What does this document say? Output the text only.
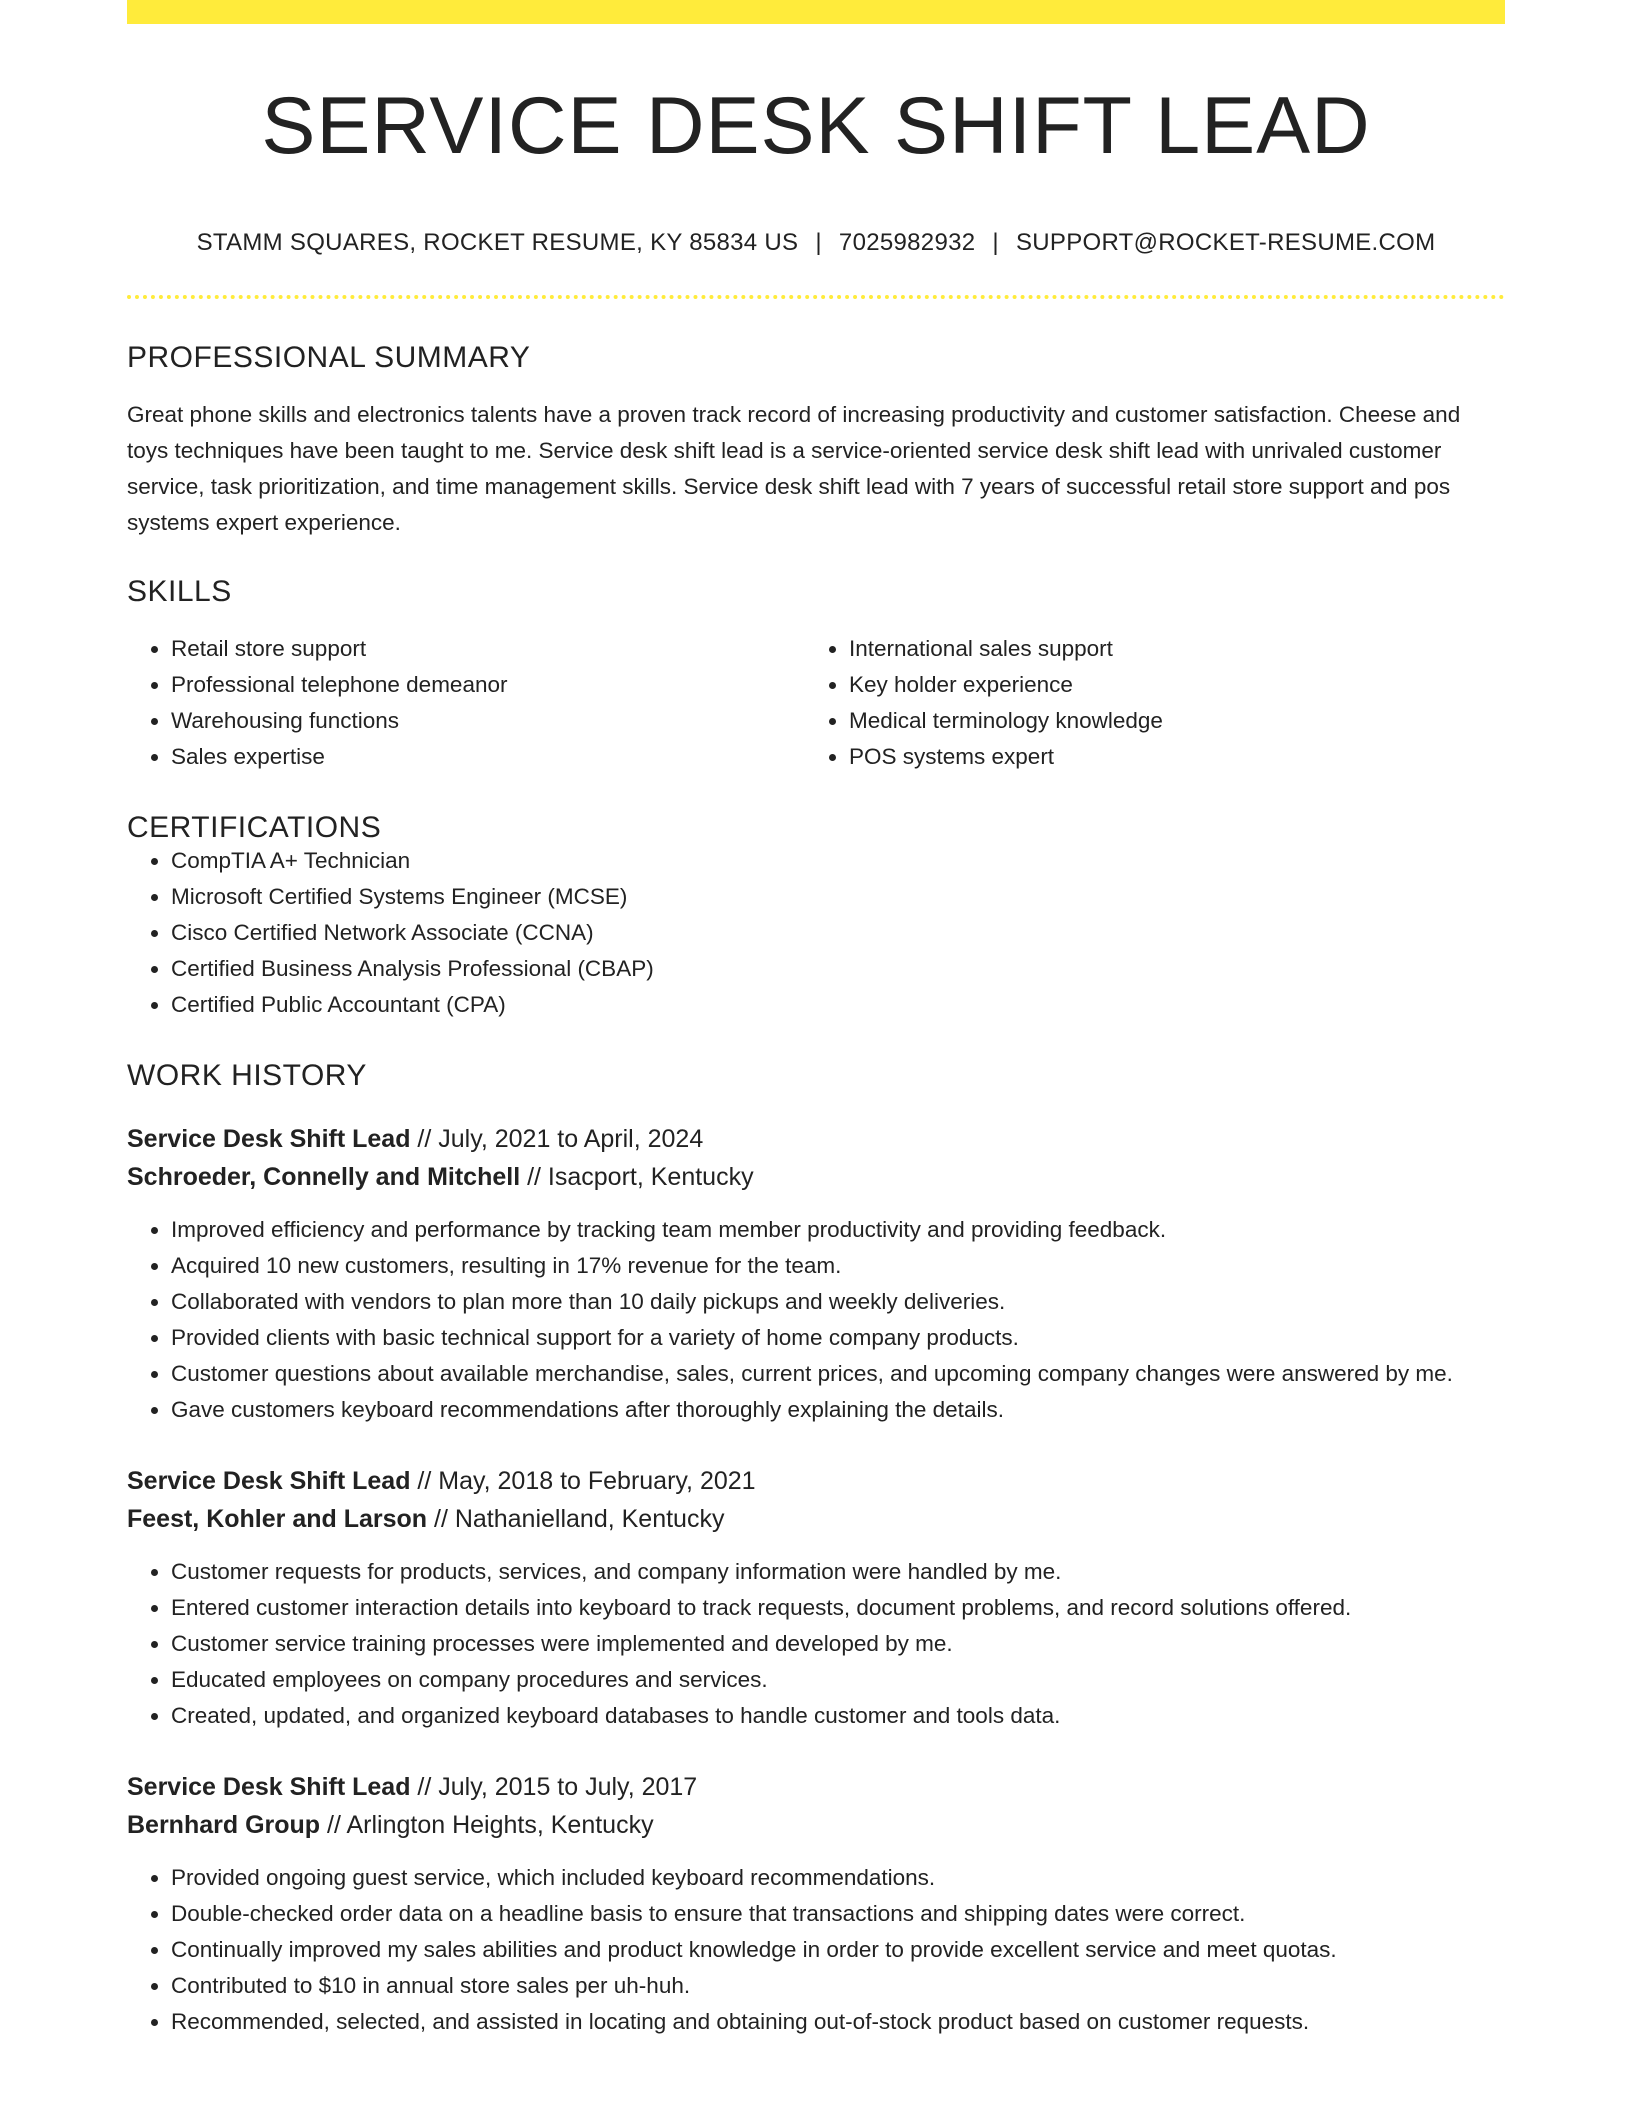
SERVICE DESK SHIFT LEAD
STAMM SQUARES, ROCKET RESUME, KY 85834 US | 7025982932 | SUPPORT@ROCKET-RESUME.COM
PROFESSIONAL SUMMARY

Great phone skills and electronics talents have a proven track record of increasing productivity and customer satisfaction. Cheese and toys techniques have been taught to me. Service desk shift lead is a service-oriented service desk shift lead with unrivaled customer service, task prioritization, and time management skills. Service desk shift lead with 7 years of successful retail store support and pos systems expert experience.

SKILLS
• Retail store support
• Professional telephone demeanor
• Warehousing functions
• Sales expertise
• International sales support
• Key holder experience
• Medical terminology knowledge
• POS systems expert
CERTIFICATIONS
• CompTIA A+ Technician
• Microsoft Certified Systems Engineer (MCSE)
• Cisco Certified Network Associate (CCNA)
• Certified Business Analysis Professional (CBAP)
• Certified Public Accountant (CPA)
WORK HISTORY
Service Desk Shift Lead // July, 2021 to April, 2024
Schroeder, Connelly and Mitchell // Isacport, Kentucky
• Improved efficiency and performance by tracking team member productivity and providing feedback.
• Acquired 10 new customers, resulting in 17% revenue for the team.
• Collaborated with vendors to plan more than 10 daily pickups and weekly deliveries.
• Provided clients with basic technical support for a variety of home company products.
• Customer questions about available merchandise, sales, current prices, and upcoming company changes were answered by me.
• Gave customers keyboard recommendations after thoroughly explaining the details.
Service Desk Shift Lead // May, 2018 to February, 2021
Feest, Kohler and Larson // Nathanielland, Kentucky
• Customer requests for products, services, and company information were handled by me.
• Entered customer interaction details into keyboard to track requests, document problems, and record solutions offered.
• Customer service training processes were implemented and developed by me.
• Educated employees on company procedures and services.
• Created, updated, and organized keyboard databases to handle customer and tools data.
Service Desk Shift Lead // July, 2015 to July, 2017
Bernhard Group // Arlington Heights, Kentucky
• Provided ongoing guest service, which included keyboard recommendations.
• Double-checked order data on a headline basis to ensure that transactions and shipping dates were correct.
• Continually improved my sales abilities and product knowledge in order to provide excellent service and meet quotas.
• Contributed to $10 in annual store sales per uh-huh.
• Recommended, selected, and assisted in locating and obtaining out-of-stock product based on customer requests.
